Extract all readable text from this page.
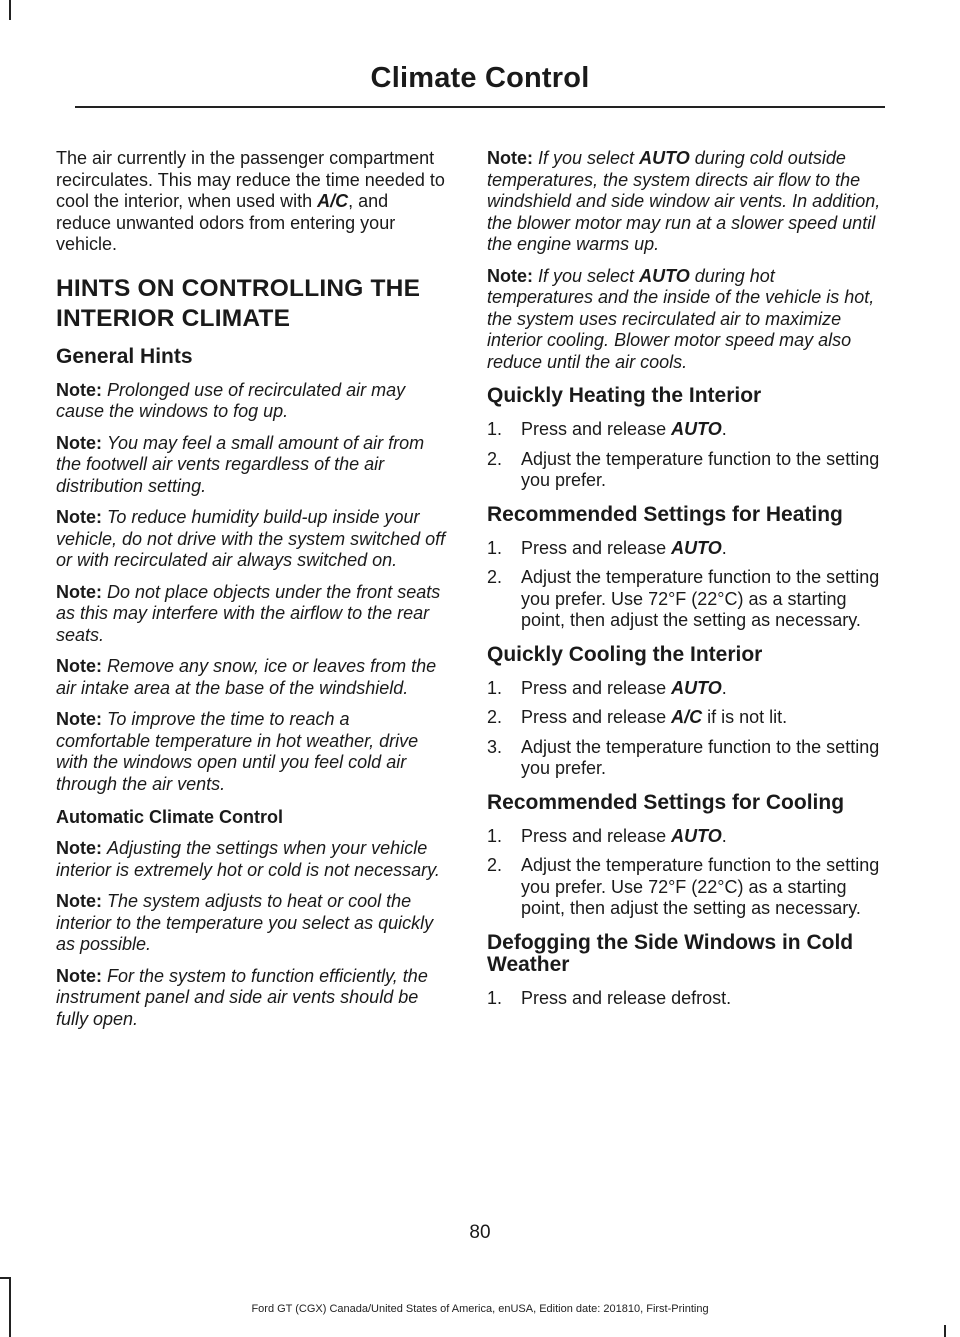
Climate Control

The air currently in the passenger compartment recirculates. This may reduce the time needed to cool the interior, when used with A/C, and reduce unwanted odors from entering your vehicle.

HINTS ON CONTROLLING THE
INTERIOR CLIMATE
General Hints

Note: Prolonged use of recirculated air may cause the windows to fog up.

Note: You may feel a small amount of air from the footwell air vents regardless of the air distribution setting.

Note: To reduce humidity build-up inside your vehicle, do not drive with the system switched off or with recirculated air always switched on.

Note: Do not place objects under the front seats as this may interfere with the airflow to the rear seats.

Note: Remove any snow, ice or leaves from the air intake area at the base of the windshield.

Note: To improve the time to reach a comfortable temperature in hot weather, drive with the windows open until you feel cold air through the air vents.

Automatic Climate Control

Note: Adjusting the settings when your vehicle interior is extremely hot or cold is not necessary.

Note: The system adjusts to heat or cool the interior to the temperature you select as quickly as possible.

Note: For the system to function efficiently, the instrument panel and side air vents should be fully open.

Note: If you select AUTO during cold outside temperatures, the system directs air flow to the windshield and side window air vents. In addition, the blower motor may run at a slower speed until the engine warms up.

Note: If you select AUTO during hot temperatures and the inside of the vehicle is hot, the system uses recirculated air to maximize interior cooling. Blower motor speed may also reduce until the air cools.

Quickly Heating the Interior
1. Press and release AUTO.
2. Adjust the temperature function to the setting you prefer.
Recommended Settings for Heating
1. Press and release AUTO.
2. Adjust the temperature function to the setting you prefer. Use 72°F (22°C) as a starting point, then adjust the setting as necessary.
Quickly Cooling the Interior
1. Press and release AUTO.
2. Press and release A/C if is not lit.
3. Adjust the temperature function to the setting you prefer.
Recommended Settings for Cooling
1. Press and release AUTO.
2. Adjust the temperature function to the setting you prefer. Use 72°F (22°C) as a starting point, then adjust the setting as necessary.
Defogging the Side Windows in Cold Weather
1. Press and release defrost.
80
Ford GT (CGX) Canada/United States of America, enUSA, Edition date: 201810, First-Printing
